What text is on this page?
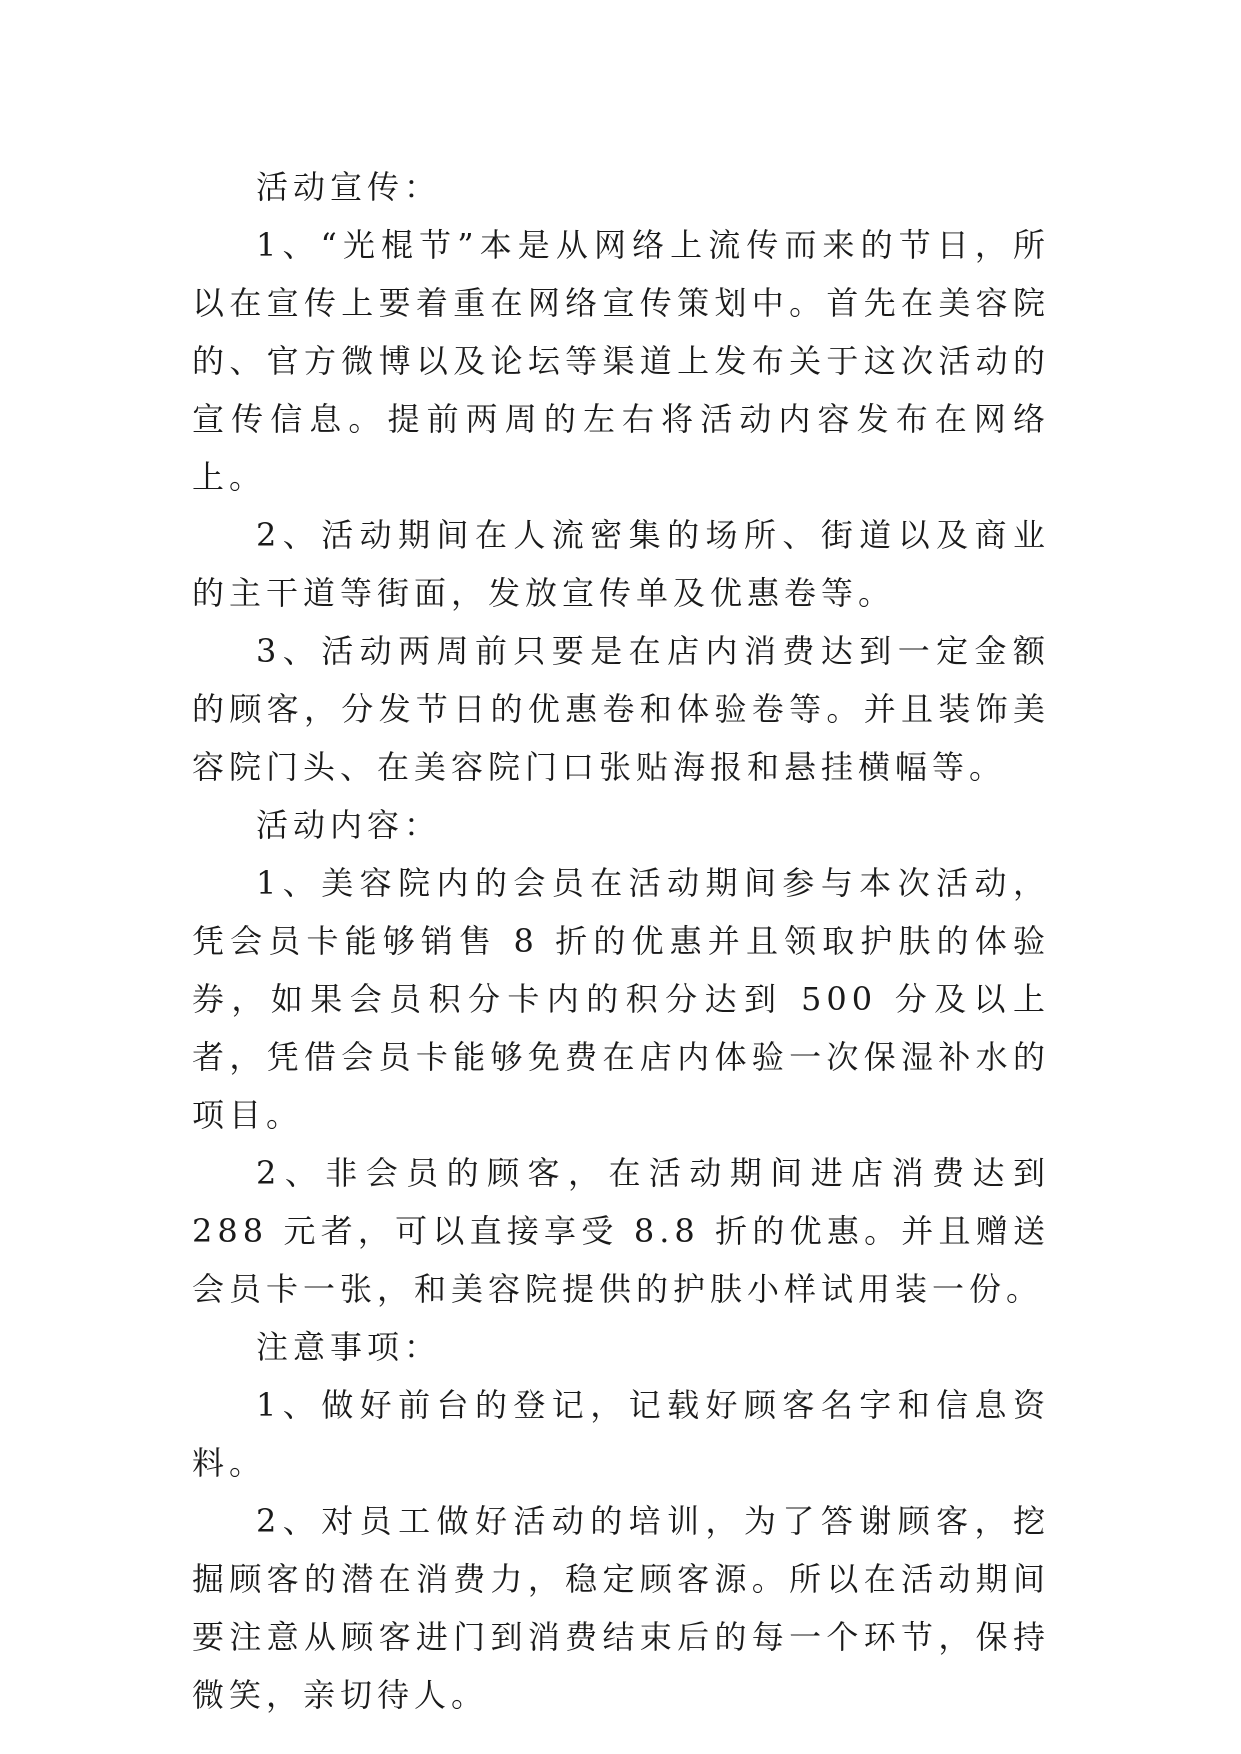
活动宣传：

1、“光棍节”本是从网络上流传而来的节日，所以在宣传上要着重在网络宣传策划中。首先在美容院的、官方微博以及论坛等渠道上发布关于这次活动的宣传信息。提前两周的左右将活动内容发布在网络上。

2、活动期间在人流密集的场所、街道以及商业的主干道等街面，发放宣传单及优惠卷等。

3、活动两周前只要是在店内消费达到一定金额的顾客，分发节日的优惠卷和体验卷等。并且装饰美容院门头、在美容院门口张贴海报和悬挂横幅等。

活动内容：

1、美容院内的会员在活动期间参与本次活动，凭会员卡能够销售 8 折的优惠并且领取护肤的体验券，如果会员积分卡内的积分达到 500 分及以上者，凭借会员卡能够免费在店内体验一次保湿补水的项目。

2、非会员的顾客，在活动期间进店消费达到 288 元者，可以直接享受 8.8 折的优惠。并且赠送会员卡一张，和美容院提供的护肤小样试用装一份。

注意事项：

1、做好前台的登记，记载好顾客名字和信息资料。

2、对员工做好活动的培训，为了答谢顾客，挖掘顾客的潜在消费力，稳定顾客源。所以在活动期间要注意从顾客进门到消费结束后的每一个环节，保持微笑，亲切待人。
